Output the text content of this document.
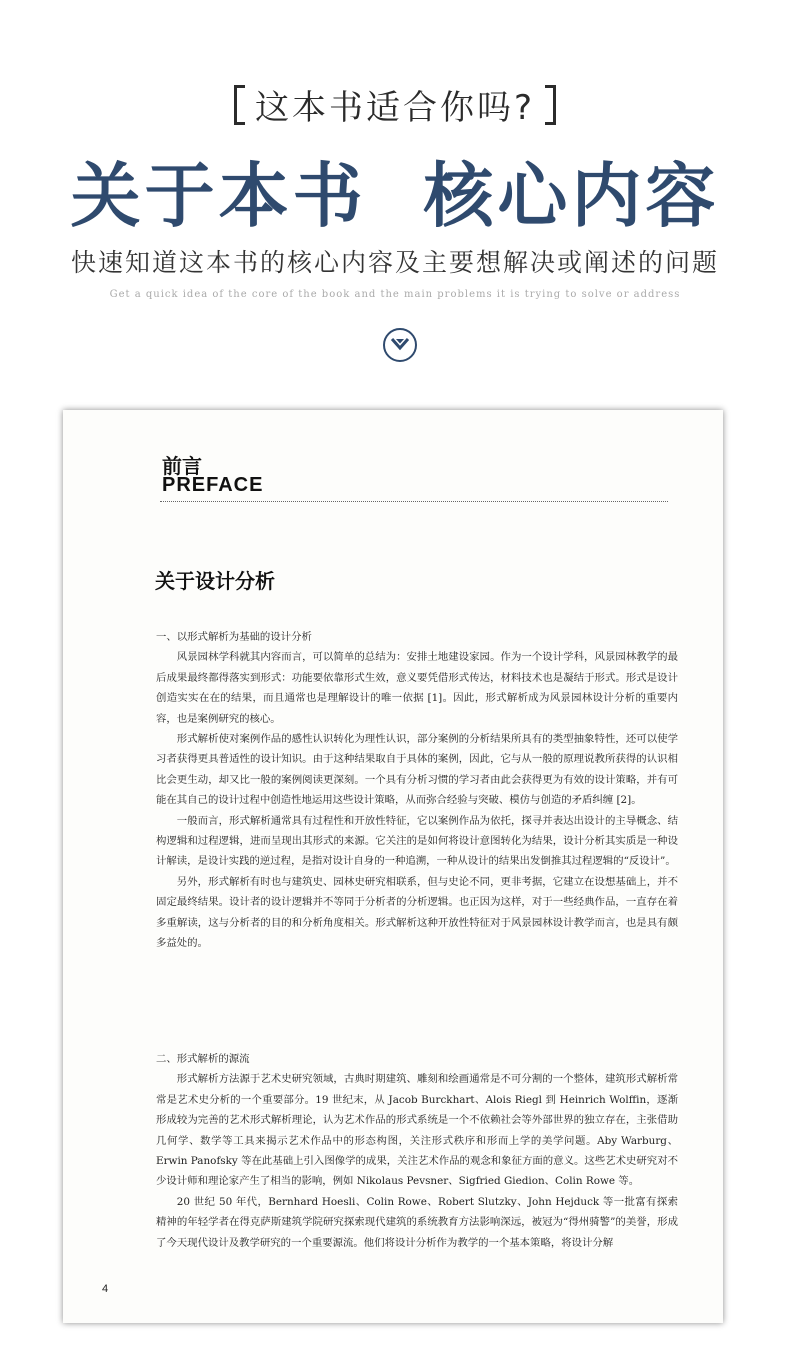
这本书适合你吗?
关于本书  核心内容
快速知道这本书的核心内容及主要想解决或阐述的问题
Get a quick idea of the core of the book and the main problems it is trying to solve or address
前言
PREFACE
关于设计分析
一、以形式解析为基础的设计分析

风景园林学科就其内容而言，可以简单的总结为：安排土地建设家园。作为一个设计学科，风景园林教学的最后成果最终都得落实到形式：功能要依靠形式生效，意义要凭借形式传达，材料技术也是凝结于形式。形式是设计创造实实在在的结果，而且通常也是理解设计的唯一依据 [1]。因此，形式解析成为风景园林设计分析的重要内容，也是案例研究的核心。

形式解析使对案例作品的感性认识转化为理性认识，部分案例的分析结果所具有的类型抽象特性，还可以使学习者获得更具普适性的设计知识。由于这种结果取自于具体的案例，因此，它与从一般的原理说教所获得的认识相比会更生动，却又比一般的案例阅读更深刻。一个具有分析习惯的学习者由此会获得更为有效的设计策略，并有可能在其自己的设计过程中创造性地运用这些设计策略，从而弥合经验与突破、模仿与创造的矛盾纠缠 [2]。

一般而言，形式解析通常具有过程性和开放性特征，它以案例作品为依托，探寻并表达出设计的主导概念、结构逻辑和过程逻辑，进而呈现出其形式的来源。它关注的是如何将设计意图转化为结果，设计分析其实质是一种设计解读，是设计实践的逆过程，是指对设计自身的一种追溯，一种从设计的结果出发倒推其过程逻辑的“反设计”。

另外，形式解析有时也与建筑史、园林史研究相联系，但与史论不同，更非考据，它建立在设想基础上，并不固定最终结果。设计者的设计逻辑并不等同于分析者的分析逻辑。也正因为这样，对于一些经典作品，一直存在着多重解读，这与分析者的目的和分析角度相关。形式解析这种开放性特征对于风景园林设计教学而言，也是具有颇多益处的。

二、形式解析的源流

形式解析方法源于艺术史研究领域，古典时期建筑、雕刻和绘画通常是不可分割的一个整体，建筑形式解析常常是艺术史分析的一个重要部分。19 世纪末，从 Jacob Burckhart、Alois Riegl 到 Heinrich Wolffin，逐渐形成较为完善的艺术形式解析理论，认为艺术作品的形式系统是一个不依赖社会等外部世界的独立存在，主张借助几何学、数学等工具来揭示艺术作品中的形态构图，关注形式秩序和形而上学的美学问题。Aby Warburg、Erwin Panofsky 等在此基础上引入图像学的成果，关注艺术作品的观念和象征方面的意义。这些艺术史研究对不少设计师和理论家产生了相当的影响，例如 Nikolaus Pevsner、Sigfried Giedion、Colin Rowe 等。

20 世纪 50 年代，Bernhard Hoesli、Colin Rowe、Robert Slutzky、John Hejduck 等一批富有探索精神的年轻学者在得克萨斯建筑学院研究探索现代建筑的系统教育方法影响深远，被冠为“得州骑警”的美誉，形成了今天现代设计及教学研究的一个重要源流。他们将设计分析作为教学的一个基本策略，将设计分解

4
